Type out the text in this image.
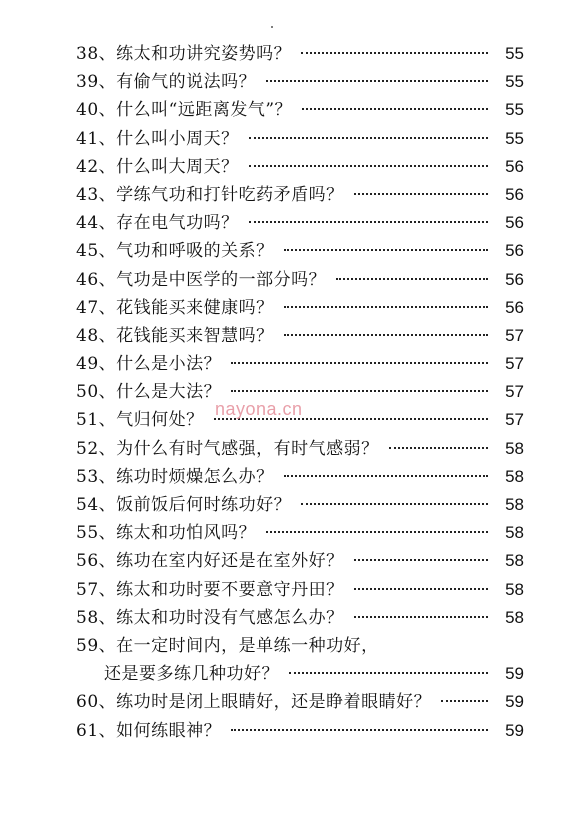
38、练太和功讲究姿势吗？	55
39、有偷气的说法吗？	55
40、什么叫“远距离发气”？	55
41、什么叫小周天？	55
42、什么叫大周天？	56
43、学练气功和打针吃药矛盾吗？	56
44、存在电气功吗？	56
45、气功和呼吸的关系？	56
46、气功是中医学的一部分吗？	56
47、花钱能买来健康吗？	56
48、花钱能买来智慧吗？	57
49、什么是小法？	57
50、什么是大法？	57
51、气归何处？	57
52、为什么有时气感强，有时气感弱？	58
53、练功时烦燥怎么办？	58
54、饭前饭后何时练功好？	58
55、练太和功怕风吗？	58
56、练功在室内好还是在室外好？	58
57、练太和功时要不要意守丹田？	58
58、练太和功时没有气感怎么办？	58
59、在一定时间内，是单练一种功好，
还是要多练几种功好？	59
60、练功时是闭上眼睛好，还是睁着眼睛好？	59
61、如何练眼神？	59
nayona.cn
